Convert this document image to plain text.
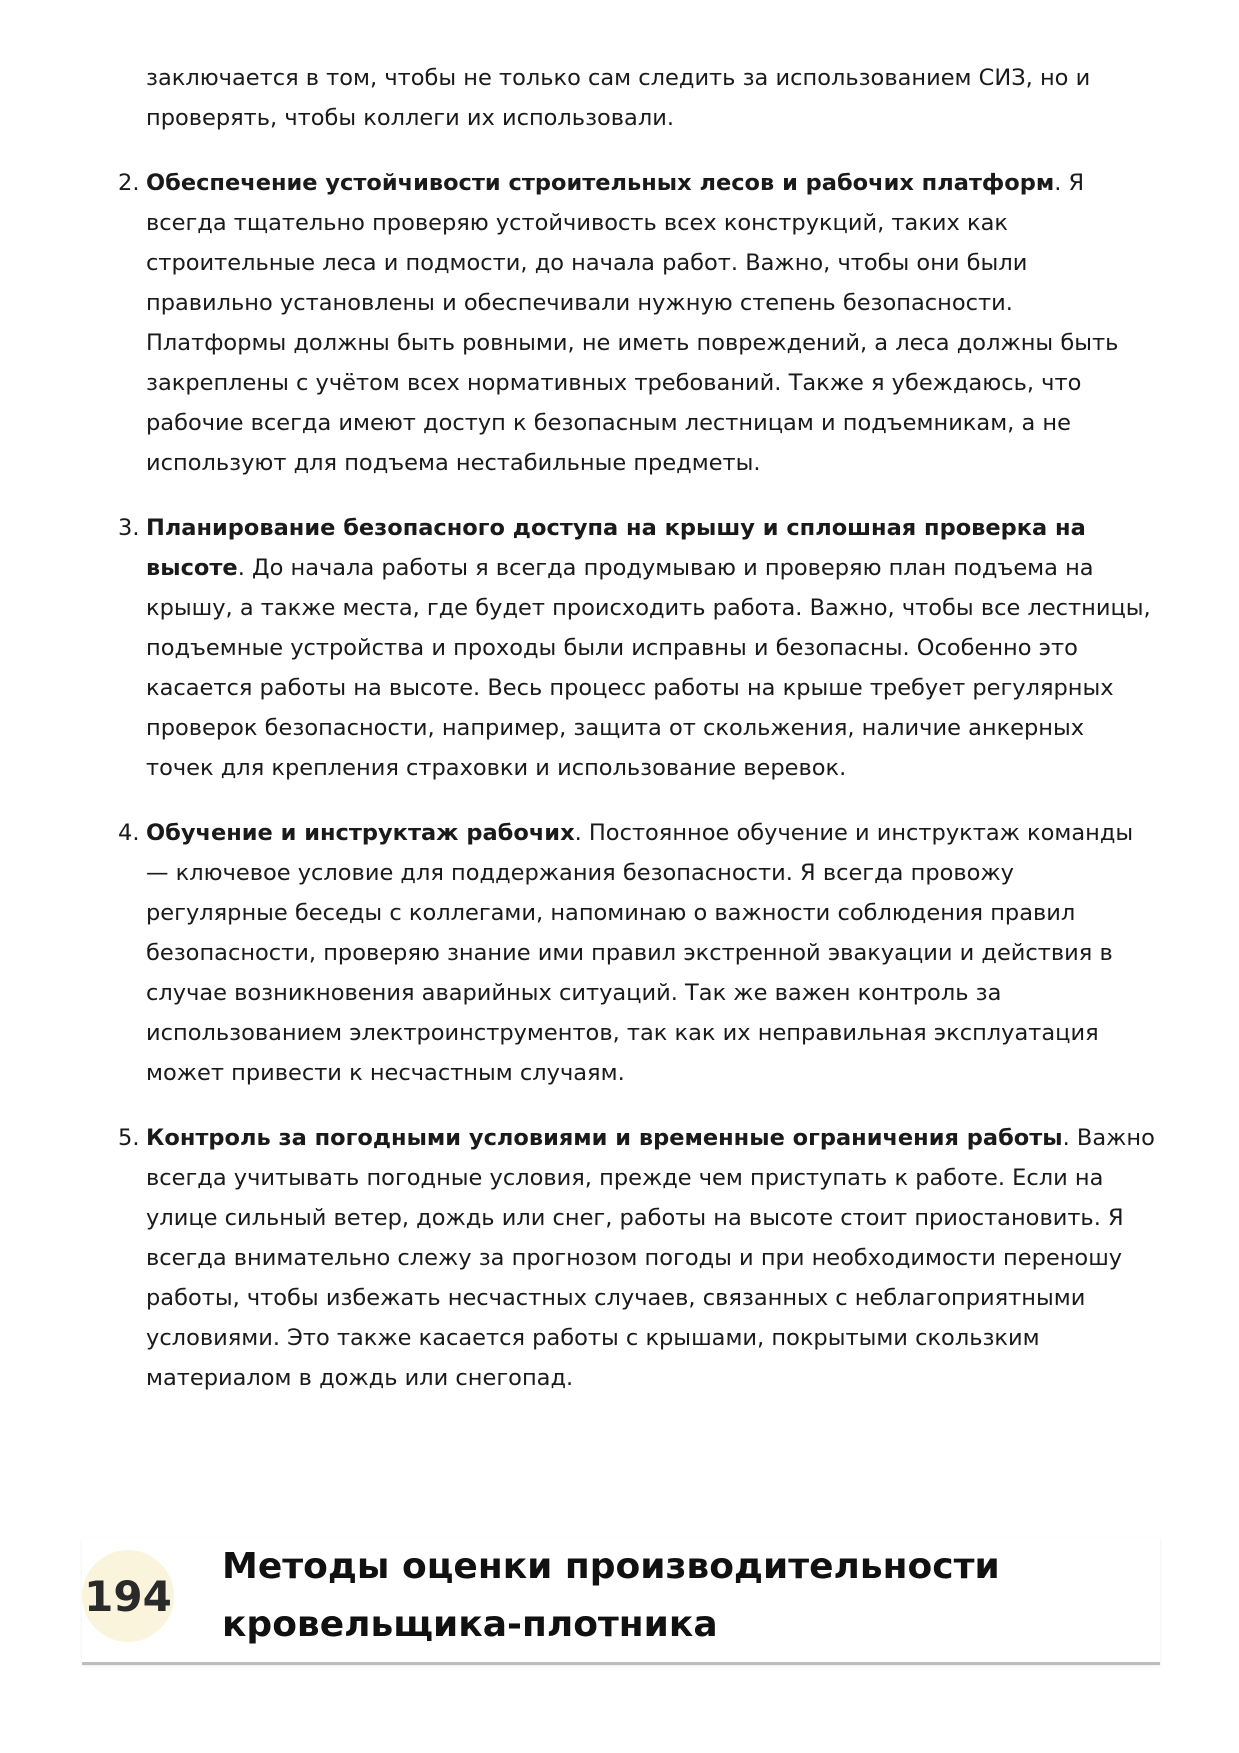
заключается в том, чтобы не только сам следить за использованием СИЗ, но и проверять, чтобы коллеги их использовали.

2. Обеспечение устойчивости строительных лесов и рабочих платформ. Я всегда тщательно проверяю устойчивость всех конструкций, таких как строительные леса и подмости, до начала работ. Важно, чтобы они были правильно установлены и обеспечивали нужную степень безопасности. Платформы должны быть ровными, не иметь повреждений, а леса должны быть закреплены с учётом всех нормативных требований. Также я убеждаюсь, что рабочие всегда имеют доступ к безопасным лестницам и подъемникам, а не используют для подъема нестабильные предметы.
3. Планирование безопасного доступа на крышу и сплошная проверка на высоте. До начала работы я всегда продумываю и проверяю план подъема на крышу, а также места, где будет происходить работа. Важно, чтобы все лестницы, подъемные устройства и проходы были исправны и безопасны. Особенно это касается работы на высоте. Весь процесс работы на крыше требует регулярных проверок безопасности, например, защита от скольжения, наличие анкерных точек для крепления страховки и использование веревок.
4. Обучение и инструктаж рабочих. Постоянное обучение и инструктаж команды — ключевое условие для поддержания безопасности. Я всегда провожу регулярные беседы с коллегами, напоминаю о важности соблюдения правил безопасности, проверяю знание ими правил экстренной эвакуации и действия в случае возникновения аварийных ситуаций. Так же важен контроль за использованием электроинструментов, так как их неправильная эксплуатация может привести к несчастным случаям.
5. Контроль за погодными условиями и временные ограничения работы. Важно всегда учитывать погодные условия, прежде чем приступать к работе. Если на улице сильный ветер, дождь или снег, работы на высоте стоит приостановить. Я всегда внимательно слежу за прогнозом погоды и при необходимости переношу работы, чтобы избежать несчастных случаев, связанных с неблагоприятными условиями. Это также касается работы с крышами, покрытыми скользким материалом в дождь или снегопад.
194
Методы оценки производительности
кровельщика-плотника
